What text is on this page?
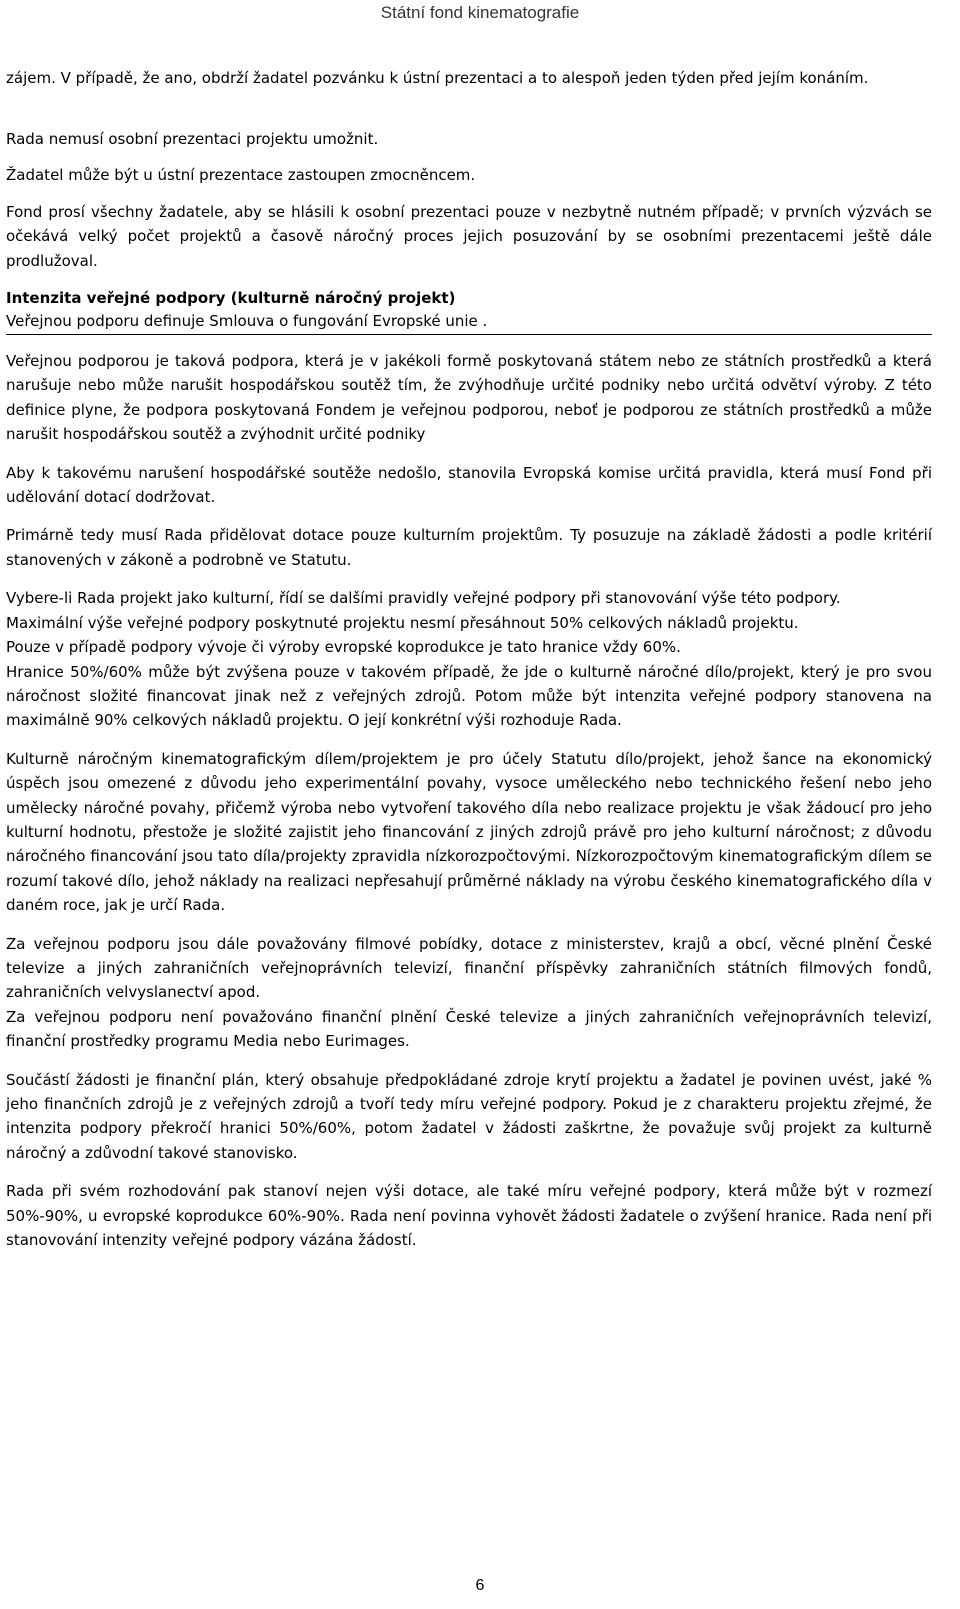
Státní fond kinematografie

zájem. V případě, že ano, obdrží žadatel pozvánku k ústní prezentaci a to alespoň jeden týden před jejím konáním.

Rada nemusí osobní prezentaci projektu umožnit.

Žadatel může být u ústní prezentace zastoupen zmocněncem.

Fond prosí všechny žadatele, aby se hlásili k osobní prezentaci pouze v nezbytně nutném případě; v prvních výzvách se očekává velký počet projektů a časově náročný proces jejich posuzování by se osobními prezentacemi ještě dále prodlužoval.

Intenzita veřejné podpory (kulturně náročný projekt)

Veřejnou podporu definuje Smlouva o fungování Evropské unie .

Veřejnou podporou je taková podpora, která je v jakékoli formě poskytovaná státem nebo ze státních prostředků a která narušuje nebo může narušit hospodářskou soutěž tím, že zvýhodňuje určité podniky nebo určitá odvětví výroby. Z této definice plyne, že podpora poskytovaná Fondem je veřejnou podporou, neboť je podporou ze státních prostředků a může narušit hospodářskou soutěž a zvýhodnit určité podniky

Aby k takovému narušení hospodářské soutěže nedošlo, stanovila Evropská komise určitá pravidla, která musí Fond při udělování dotací dodržovat.

Primárně tedy musí Rada přidělovat dotace pouze kulturním projektům. Ty posuzuje na základě žádosti a podle kritérií stanovených v zákoně a podrobně ve Statutu.

Vybere-li Rada projekt jako kulturní, řídí se dalšími pravidly veřejné podpory při stanovování výše této podpory.

Maximální výše veřejné podpory poskytnuté projektu nesmí přesáhnout 50% celkových nákladů projektu.

Pouze v případě podpory vývoje či výroby evropské koprodukce je tato hranice vždy 60%.

Hranice 50%/60% může být zvýšena pouze v takovém případě, že jde o kulturně náročné dílo/projekt, který je pro svou náročnost složité financovat jinak než z veřejných zdrojů. Potom může být intenzita veřejné podpory stanovena na maximálně 90% celkových nákladů projektu. O její konkrétní výši rozhoduje Rada.

Kulturně náročným kinematografickým dílem/projektem je pro účely Statutu dílo/projekt, jehož šance na ekonomický úspěch jsou omezené z důvodu jeho experimentální povahy, vysoce uměleckého nebo technického řešení nebo jeho umělecky náročné povahy, přičemž výroba nebo vytvoření takového díla nebo realizace projektu je však žádoucí pro jeho kulturní hodnotu, přestože je složité zajistit jeho financování z jiných zdrojů právě pro jeho kulturní náročnost; z důvodu náročného financování jsou tato díla/projekty zpravidla nízkorozpočtovými. Nízkorozpočtovým kinematografickým dílem se rozumí takové dílo, jehož náklady na realizaci nepřesahují průměrné náklady na výrobu českého kinematografického díla v daném roce, jak je určí Rada.

Za veřejnou podporu jsou dále považovány filmové pobídky, dotace z ministerstev, krajů a obcí, věcné plnění České televize a jiných zahraničních veřejnoprávních televizí, finanční příspěvky zahraničních státních filmových fondů, zahraničních velvyslanectví apod.

Za veřejnou podporu není považováno finanční plnění České televize a jiných zahraničních veřejnoprávních televizí, finanční prostředky programu Media nebo Eurimages.

Součástí žádosti je finanční plán, který obsahuje předpokládané zdroje krytí projektu a žadatel je povinen uvést, jaké % jeho finančních zdrojů je z veřejných zdrojů a tvoří tedy míru veřejné podpory. Pokud je z charakteru projektu zřejmé, že intenzita podpory překročí hranici 50%/60%, potom žadatel v žádosti zaškrtne, že považuje svůj projekt za kulturně náročný a zdůvodní takové stanovisko.

Rada při svém rozhodování pak stanoví nejen výši dotace, ale také míru veřejné podpory, která může být v rozmezí 50%-90%, u evropské koprodukce 60%-90%. Rada není povinna vyhovět žádosti žadatele o zvýšení hranice. Rada není při stanovování intenzity veřejné podpory vázána žádostí.

6
